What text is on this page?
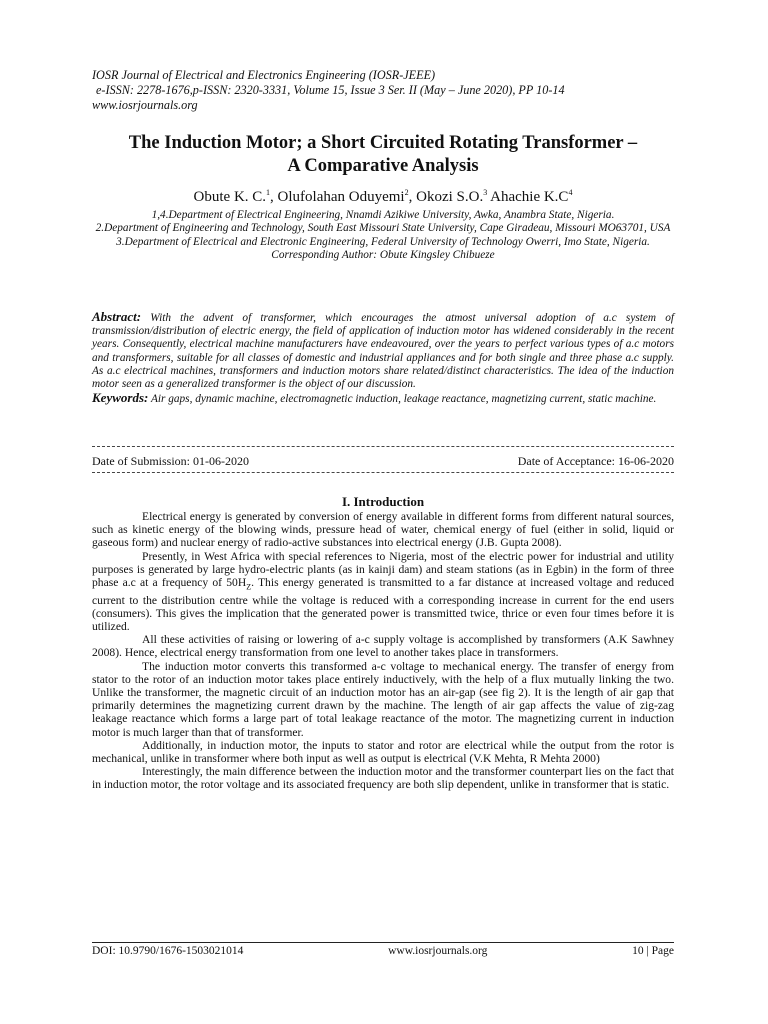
IOSR Journal of Electrical and Electronics Engineering (IOSR-JEEE)
e-ISSN: 2278-1676,p-ISSN: 2320-3331, Volume 15, Issue 3 Ser. II (May – June 2020), PP 10-14
www.iosrjournals.org
The Induction Motor; a Short Circuited Rotating Transformer –
A Comparative Analysis
Obute K. C.$^1$, Olufolahan Oduyemi$^2$, Okozi S.O.$^3$ Ahachie $K.C^4$
1,4.Department of Electrical Engineering, Nnamdi Azikiwe University, Awka, Anambra State, Nigeria.
2.Department of Engineering and Technology, South East Missouri State University, Cape Giradeau, Missouri MO63701, USA
3.Department of Electrical and Electronic Engineering, Federal University of Technology Owerri, Imo State, Nigeria.
Corresponding Author: Obute Kingsley Chibueze
Abstract: With the advent of transformer, which encourages the atmost universal adoption of a.c system of transmission/distribution of electric energy, the field of application of induction motor has widened considerably in the recent years. Consequently, electrical machine manufacturers have endeavoured, over the years to perfect various types of a.c motors and transformers, suitable for all classes of domestic and industrial appliances and for both single and three phase a.c supply. As a.c electrical machines, transformers and induction motors share related/distinct characteristics. The idea of the induction motor seen as a generalized transformer is the object of our discussion.
Keywords: Air gaps, dynamic machine, electromagnetic induction, leakage reactance, magnetizing current, static machine.
Date of Submission: 01-06-2020	Date of Acceptance: 16-06-2020
I. Introduction

Electrical energy is generated by conversion of energy available in different forms from different natural sources, such as kinetic energy of the blowing winds, pressure head of water, chemical energy of fuel (either in solid, liquid or gaseous form) and nuclear energy of radio-active substances into electrical energy (J.B. Gupta 2008).

Presently, in West Africa with special references to Nigeria, most of the electric power for industrial and utility purposes is generated by large hydro-electric plants (as in kainji dam) and steam stations (as in Egbin) in the form of three phase a.c at a frequency of $50H_Z$. This energy generated is transmitted to a far distance at increased voltage and reduced current to the distribution centre while the voltage is reduced with a corresponding increase in current for the end users (consumers). This gives the implication that the generated power is transmitted twice, thrice or even four times before it is utilized.

All these activities of raising or lowering of a-c supply voltage is accomplished by transformers (A.K Sawhney 2008). Hence, electrical energy transformation from one level to another takes place in transformers.

The induction motor converts this transformed a-c voltage to mechanical energy. The transfer of energy from stator to the rotor of an induction motor takes place entirely inductively, with the help of a flux mutually linking the two. Unlike the transformer, the magnetic circuit of an induction motor has an air-gap (see fig 2). It is the length of air gap that primarily determines the magnetizing current drawn by the machine. The length of air gap affects the value of zig-zag leakage reactance which forms a large part of total leakage reactance of the motor. The magnetizing current in induction motor is much larger than that of transformer.

Additionally, in induction motor, the inputs to stator and rotor are electrical while the output from the rotor is mechanical, unlike in transformer where both input as well as output is electrical (V.K Mehta, R Mehta 2000)

Interestingly, the main difference between the induction motor and the transformer counterpart lies on the fact that in induction motor, the rotor voltage and its associated frequency are both slip dependent, unlike in transformer that is static.

DOI: 10.9790/1676-1503021014	www.iosrjournals.org	10 | Page
